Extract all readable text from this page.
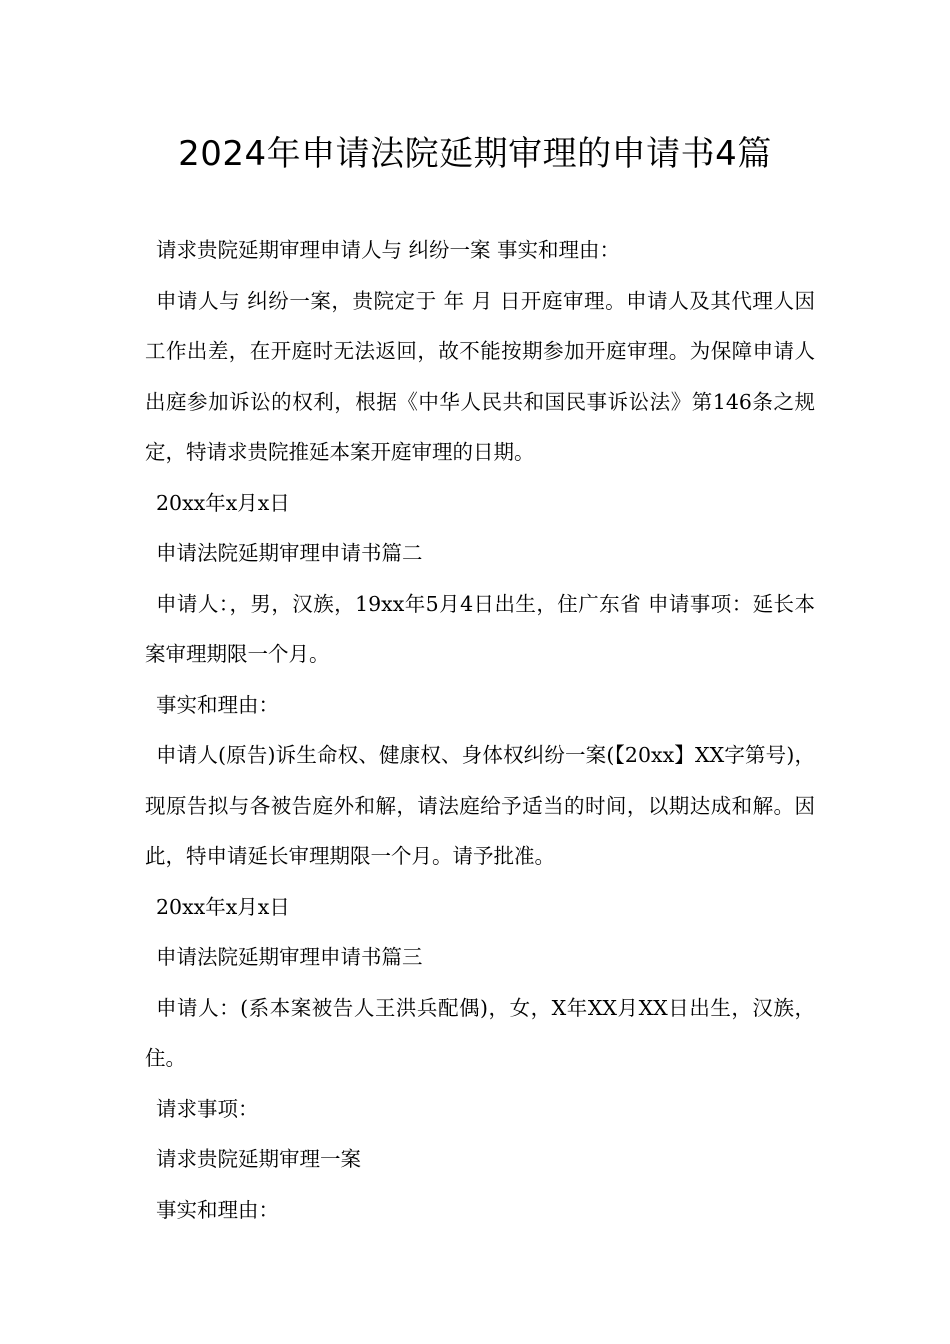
2024年申请法院延期审理的申请书4篇

请求贵院延期审理申请人与 纠纷一案 事实和理由：

申请人与 纠纷一案，贵院定于 年 月 日开庭审理。申请人及其代理人因工作出差，在开庭时无法返回，故不能按期参加开庭审理。为保障申请人出庭参加诉讼的权利，根据《中华人民共和国民事诉讼法》第146条之规定，特请求贵院推延本案开庭审理的日期。

20xx年x月x日

申请法院延期审理申请书篇二

申请人：，男，汉族，19xx年5月4日出生，住广东省 申请事项：延长本案审理期限一个月。

事实和理由：

申请人(原告)诉生命权、健康权、身体权纠纷一案(【20xx】XX字第号)，现原告拟与各被告庭外和解，请法庭给予适当的时间，以期达成和解。因此，特申请延长审理期限一个月。请予批准。

20xx年x月x日

申请法院延期审理申请书篇三

申请人：(系本案被告人王洪兵配偶)，女，X年XX月XX日出生，汉族，住。

请求事项：

请求贵院延期审理一案

事实和理由：
